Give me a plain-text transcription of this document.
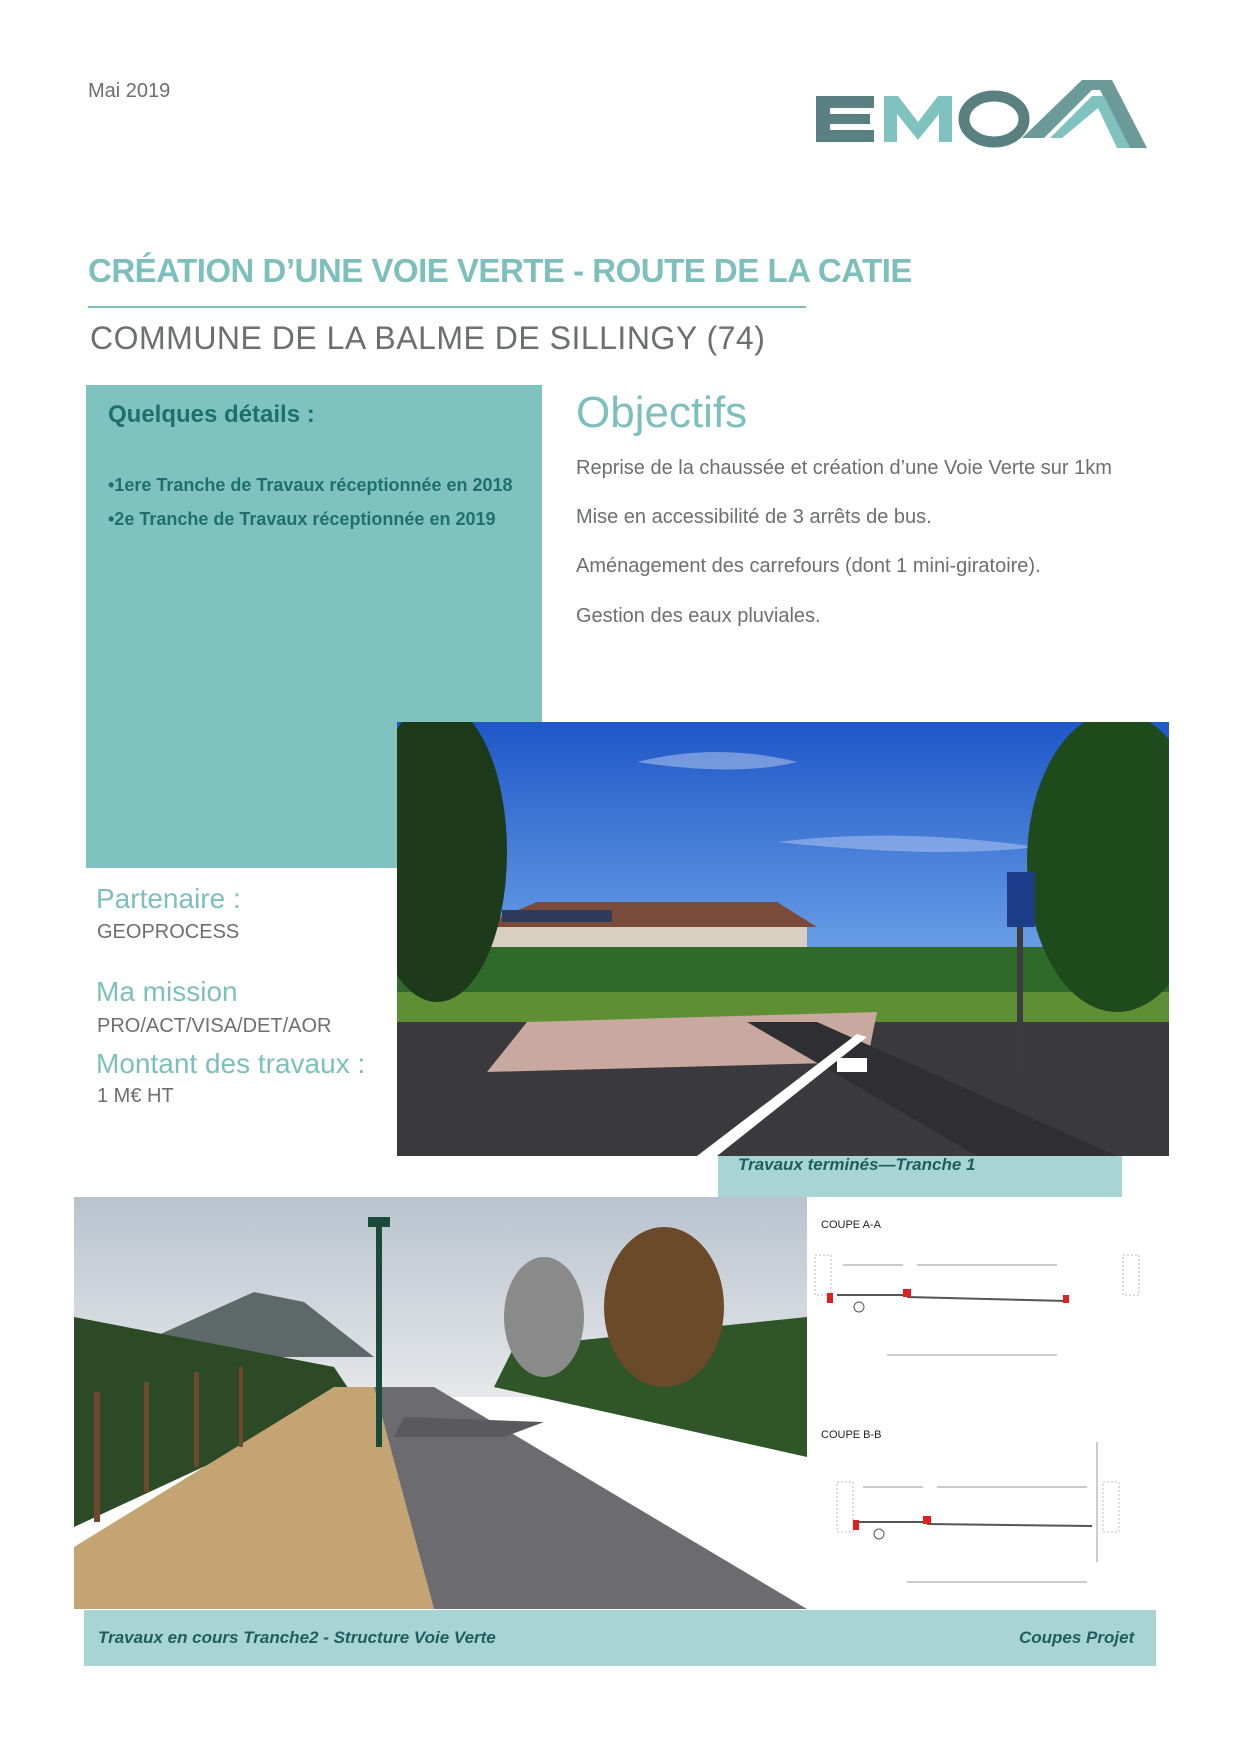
Mai 2019
CRÉATION D’UNE VOIE VERTE - ROUTE DE LA CATIE
COMMUNE DE LA BALME DE SILLINGY (74)
Quelques détails :
•1ere Tranche de Travaux réceptionnée en 2018
•2e Tranche de Travaux réceptionnée en 2019
Objectifs
Reprise de la chaussée et création d’une Voie Verte sur 1km
Mise en accessibilité de 3 arrêts de bus.
Aménagement des carrefours (dont 1 mini-giratoire).
Gestion des eaux pluviales.
Partenaire :
GEOPROCESS
Ma mission
PRO/ACT/VISA/DET/AOR
Montant des travaux :
1 M€ HT
Travaux terminés—Tranche 1
COUPE A-A
COUPE B-B
Travaux en cours Tranche2 - Structure Voie Verte	Coupes Projet
